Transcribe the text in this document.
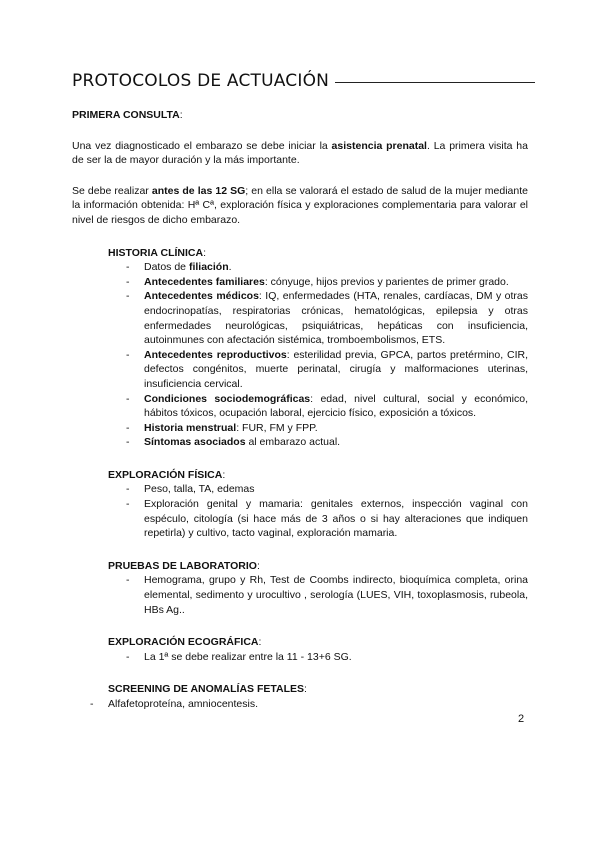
PROTOCOLOS DE ACTUACIÓN

PRIMERA CONSULTA:

Una vez diagnosticado el embarazo se debe iniciar la asistencia prenatal. La primera visita ha de ser la de mayor duración y la más importante.

Se debe realizar antes de las 12 SG; en ella se valorará el estado de salud de la mujer mediante la información obtenida: Hª Cª, exploración física y exploraciones complementaria para valorar el nivel de riesgos de dicho embarazo.

HISTORIA CLÍNICA:

- Datos de filiación.
- Antecedentes familiares: cónyuge, hijos previos y parientes de primer grado.
- Antecedentes médicos: IQ, enfermedades (HTA, renales, cardíacas, DM y otras endocrinopatías, respiratorias crónicas, hematológicas, epilepsia y otras enfermedades neurológicas, psiquiátricas, hepáticas con insuficiencia, autoinmunes con afectación sistémica, tromboembolismos, ETS.
- Antecedentes reproductivos: esterilidad previa, GPCA, partos pretérmino, CIR, defectos congénitos, muerte perinatal, cirugía y malformaciones uterinas, insuficiencia cervical.
- Condiciones sociodemográficas: edad, nivel cultural, social y económico, hábitos tóxicos, ocupación laboral, ejercicio físico, exposición a tóxicos.
- Historia menstrual: FUR, FM y FPP.
- Síntomas asociados al embarazo actual.

EXPLORACIÓN FÍSICA:

- Peso, talla, TA, edemas
- Exploración genital y mamaria: genitales externos, inspección vaginal con espéculo, citología (si hace más de 3 años o si hay alteraciones que indiquen repetirla) y cultivo, tacto vaginal, exploración mamaria.

PRUEBAS DE LABORATORIO:

- Hemograma, grupo y Rh, Test de Coombs indirecto, bioquímica completa, orina elemental, sedimento y urocultivo , serología (LUES, VIH, toxoplasmosis, rubeola, HBs Ag..

EXPLORACIÓN ECOGRÁFICA:

- La 1ª se debe realizar entre la 11 - 13+6 SG.

SCREENING DE ANOMALÍAS FETALES:

- Alfafetoproteína, amniocentesis.
2
